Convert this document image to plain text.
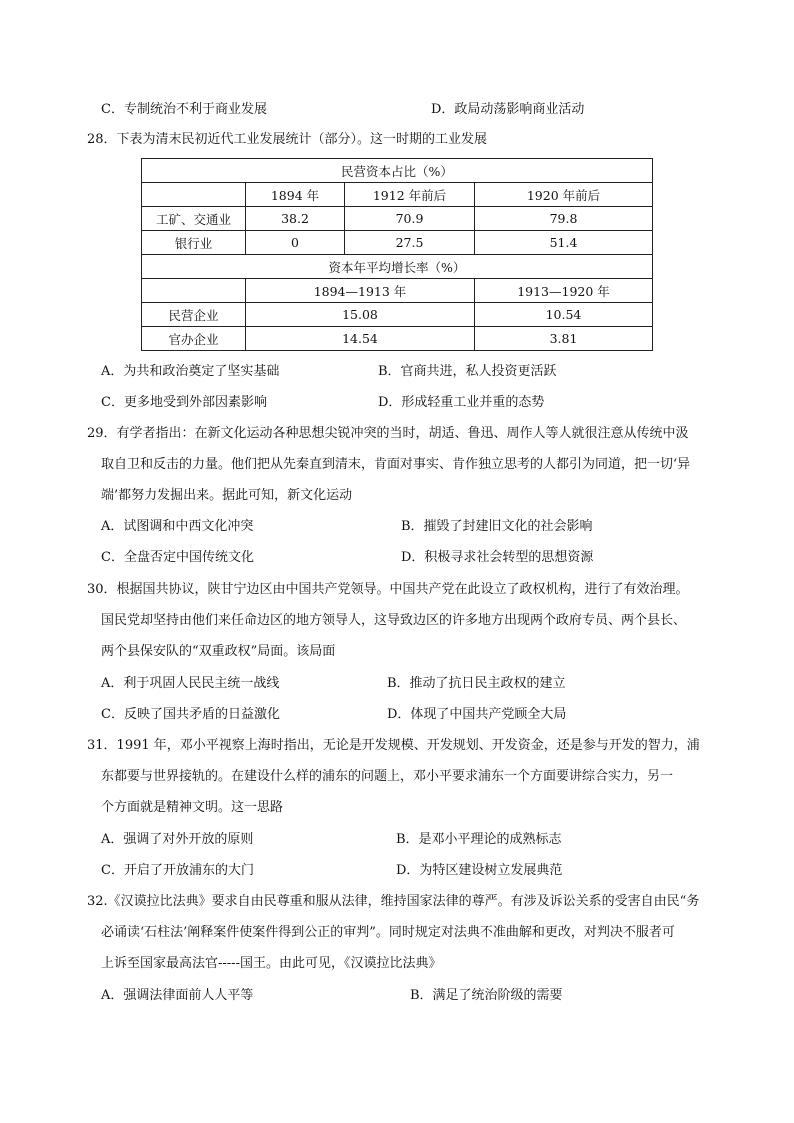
C．专制统治不利于商业发展	D．政局动荡影响商业活动
28．下表为清末民初近代工业发展统计（部分）。这一时期的工业发展
民营资本占比（%）			
	1894 年	1912 年前后	1920 年前后
工矿、交通业	38.2	70.9	79.8
银行业	0	27.5	51.4
资本年平均增长率（%）			
	1894—1913 年		1913—1920 年
民营企业	15.08		10.54
官办企业	14.54		3.81
A．为共和政治奠定了坚实基础	B．官商共进，私人投资更活跃
C．更多地受到外部因素影响	D．形成轻重工业并重的态势
29．有学者指出：在新文化运动各种思想尖锐冲突的当时，胡适、鲁迅、周作人等人就很注意从传统中汲
取自卫和反击的力量。他们把从先秦直到清末，肯面对事实、肯作独立思考的人都引为同道，把一切‘异
端’都努力发掘出来。据此可知，新文化运动
A．试图调和中西文化冲突	B．摧毁了封建旧文化的社会影响
C．全盘否定中国传统文化	D．积极寻求社会转型的思想资源
30．根据国共协议，陕甘宁边区由中国共产党领导。中国共产党在此设立了政权机构，进行了有效治理。
国民党却坚持由他们来任命边区的地方领导人，这导致边区的许多地方出现两个政府专员、两个县长、
两个县保安队的“双重政权”局面。该局面
A．利于巩固人民民主统一战线	B．推动了抗日民主政权的建立
C．反映了国共矛盾的日益激化	D．体现了中国共产党顾全大局
31．1991 年，邓小平视察上海时指出，无论是开发规模、开发规划、开发资金，还是参与开发的智力，浦
东都要与世界接轨的。在建设什么样的浦东的问题上，邓小平要求浦东一个方面要讲综合实力，另一
个方面就是精神文明。这一思路
A．强调了对外开放的原则	B．是邓小平理论的成熟标志
C．开启了开放浦东的大门	D．为特区建设树立发展典范
32.《汉谟拉比法典》要求自由民尊重和服从法律，维持国家法律的尊严。有涉及诉讼关系的受害自由民“务
必诵读‘石柱法’阐释案件使案件得到公正的审判”。同时规定对法典不准曲解和更改，对判决不服者可
上诉至国家最高法官-----国王。由此可见，《汉谟拉比法典》
A．强调法律面前人人平等	B．满足了统治阶级的需要
